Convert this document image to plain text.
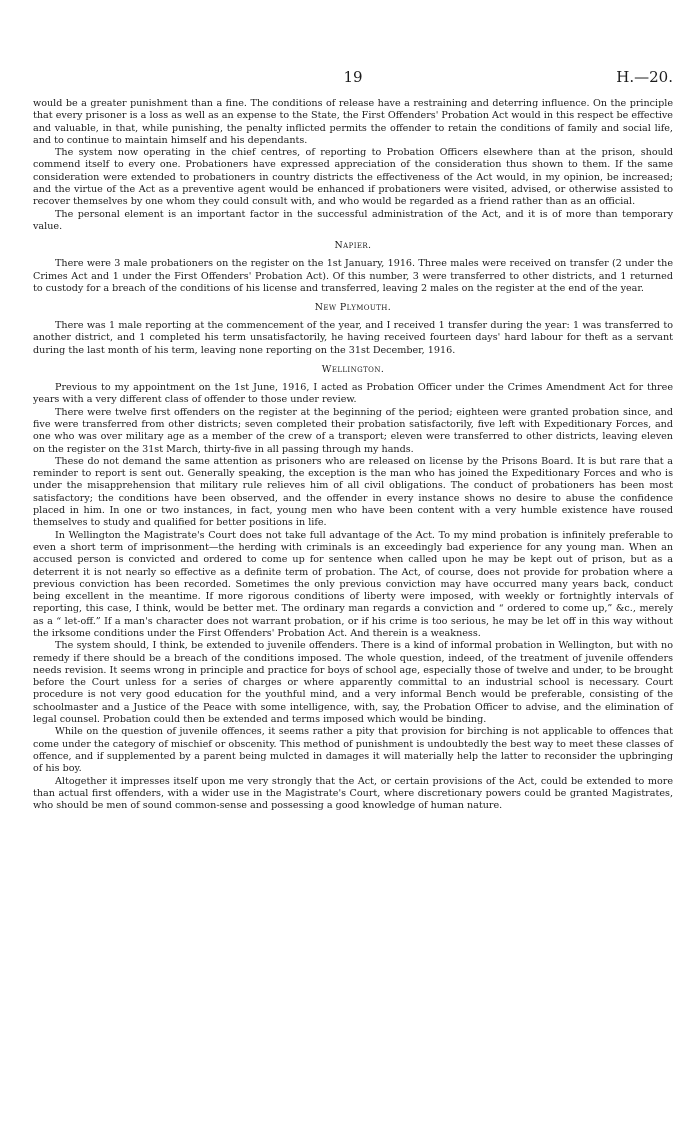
19	H.—20.

would be a greater punishment than a fine. The conditions of release have a restraining and deterring influence. On the principle that every prisoner is a loss as well as an expense to the State, the First Offenders' Probation Act would in this respect be effective and valuable, in that, while punishing, the penalty inflicted permits the offender to retain the conditions of family and social life, and to continue to maintain himself and his dependants.

The system now operating in the chief centres, of reporting to Probation Officers elsewhere than at the prison, should commend itself to every one. Probationers have expressed appreciation of the consideration thus shown to them. If the same consideration were extended to probationers in country districts the effectiveness of the Act would, in my opinion, be increased; and the virtue of the Act as a preventive agent would be enhanced if probationers were visited, advised, or otherwise assisted to recover themselves by one whom they could consult with, and who would be regarded as a friend rather than as an official.

The personal element is an important factor in the successful administration of the Act, and it is of more than temporary value.

Napier.

There were 3 male probationers on the register on the 1st January, 1916. Three males were received on transfer (2 under the Crimes Act and 1 under the First Offenders' Probation Act). Of this number, 3 were transferred to other districts, and 1 returned to custody for a breach of the conditions of his license and transferred, leaving 2 males on the register at the end of the year.

New Plymouth.

There was 1 male reporting at the commencement of the year, and I received 1 transfer during the year: 1 was transferred to another district, and 1 completed his term unsatisfactorily, he having received fourteen days' hard labour for theft as a servant during the last month of his term, leaving none reporting on the 31st December, 1916.

Wellington.

Previous to my appointment on the 1st June, 1916, I acted as Probation Officer under the Crimes Amendment Act for three years with a very different class of offender to those under review.

There were twelve first offenders on the register at the beginning of the period; eighteen were granted probation since, and five were transferred from other districts; seven completed their probation satisfactorily, five left with Expeditionary Forces, and one who was over military age as a member of the crew of a transport; eleven were transferred to other districts, leaving eleven on the register on the 31st March, thirty-five in all passing through my hands.

These do not demand the same attention as prisoners who are released on license by the Prisons Board. It is but rare that a reminder to report is sent out. Generally speaking, the exception is the man who has joined the Expeditionary Forces and who is under the misapprehension that military rule relieves him of all civil obligations. The conduct of probationers has been most satisfactory; the conditions have been observed, and the offender in every instance shows no desire to abuse the confidence placed in him. In one or two instances, in fact, young men who have been content with a very humble existence have roused themselves to study and qualified for better positions in life.

In Wellington the Magistrate's Court does not take full advantage of the Act. To my mind probation is infinitely preferable to even a short term of imprisonment—the herding with criminals is an exceedingly bad experience for any young man. When an accused person is convicted and ordered to come up for sentence when called upon he may be kept out of prison, but as a deterrent it is not nearly so effective as a definite term of probation. The Act, of course, does not provide for probation where a previous conviction has been recorded. Sometimes the only previous conviction may have occurred many years back, conduct being excellent in the meantime. If more rigorous conditions of liberty were imposed, with weekly or fortnightly intervals of reporting, this case, I think, would be better met. The ordinary man regards a conviction and “ ordered to come up,” &c., merely as a “ let-off.” If a man's character does not warrant probation, or if his crime is too serious, he may be let off in this way without the irksome conditions under the First Offenders' Probation Act. And therein is a weakness.

The system should, I think, be extended to juvenile offenders. There is a kind of informal probation in Wellington, but with no remedy if there should be a breach of the conditions imposed. The whole question, indeed, of the treatment of juvenile offenders needs revision. It seems wrong in principle and practice for boys of school age, especially those of twelve and under, to be brought before the Court unless for a series of charges or where apparently committal to an industrial school is necessary. Court procedure is not very good education for the youthful mind, and a very informal Bench would be preferable, consisting of the schoolmaster and a Justice of the Peace with some intelligence, with, say, the Probation Officer to advise, and the elimination of legal counsel. Probation could then be extended and terms imposed which would be binding.

While on the question of juvenile offences, it seems rather a pity that provision for birching is not applicable to offences that come under the category of mischief or obscenity. This method of punishment is undoubtedly the best way to meet these classes of offence, and if supplemented by a parent being mulcted in damages it will materially help the latter to reconsider the upbringing of his boy.

Altogether it impresses itself upon me very strongly that the Act, or certain provisions of the Act, could be extended to more than actual first offenders, with a wider use in the Magistrate's Court, where discretionary powers could be granted Magistrates, who should be men of sound common-sense and possessing a good knowledge of human nature.
